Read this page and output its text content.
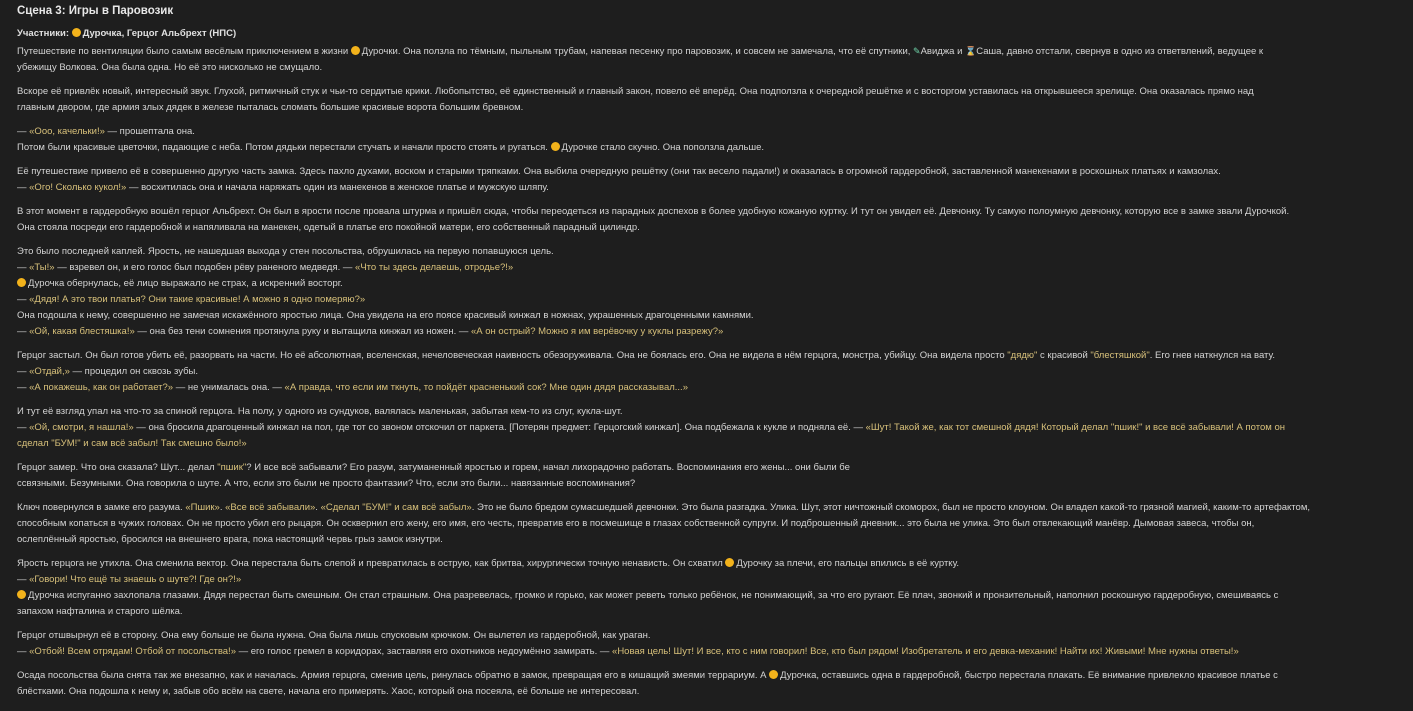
Сцена 3: Игры в Паровозик
Участники: Дурочка, Герцог Альбрехт (НПС)

Путешествие по вентиляции было самым весёлым приключением в жизни Дурочки. Она ползла по тёмным, пыльным трубам, напевая песенку про паровозик, и совсем не замечала, что её спутники, ✎Авиджа и ⌛Саша, давно отстали, свернув в одно из ответвлений, ведущее к
убежищу Волкова. Она была одна. Но её это нисколько не смущало.

Вскоре её привлёк новый, интересный звук. Глухой, ритмичный стук и чьи-то сердитые крики. Любопытство, её единственный и главный закон, повело её вперёд. Она подползла к очередной решётке и с восторгом уставилась на открывшееся зрелище. Она оказалась прямо над
главным двором, где армия злых дядек в железе пыталась сломать большие красивые ворота большим бревном.

— «Ооо, качельки!» — прошептала она.
Потом были красивые цветочки, падающие с неба. Потом дядьки перестали стучать и начали просто стоять и ругаться. Дурочке стало скучно. Она поползла дальше.

Её путешествие привело её в совершенно другую часть замка. Здесь пахло духами, воском и старыми тряпками. Она выбила очередную решётку (они так весело падали!) и оказалась в огромной гардеробной, заставленной манекенами в роскошных платьях и камзолах.
— «Ого! Сколько кукол!» — восхитилась она и начала наряжать один из манекенов в женское платье и мужскую шляпу.

В этот момент в гардеробную вошёл герцог Альбрехт. Он был в ярости после провала штурма и пришёл сюда, чтобы переодеться из парадных доспехов в более удобную кожаную куртку. И тут он увидел её. Девчонку. Ту самую полоумную девчонку, которую все в замке звали Дурочкой.
Она стояла посреди его гардеробной и напяливала на манекен, одетый в платье его покойной матери, его собственный парадный цилиндр.

Это было последней каплей. Ярость, не нашедшая выхода у стен посольства, обрушилась на первую попавшуюся цель.
— «Ты!» — взревел он, и его голос был подобен рёву раненого медведя. — «Что ты здесь делаешь, отродье?!»
Дурочка обернулась, её лицо выражало не страх, а искренний восторг.
— «Дядя! А это твои платья? Они такие красивые! А можно я одно померяю?»
Она подошла к нему, совершенно не замечая искажённого яростью лица. Она увидела на его поясе красивый кинжал в ножнах, украшенных драгоценными камнями.
— «Ой, какая блестяшка!» — она без тени сомнения протянула руку и вытащила кинжал из ножен. — «А он острый? Можно я им верёвочку у куклы разрежу?»

Герцог застыл. Он был готов убить её, разорвать на части. Но её абсолютная, вселенская, нечеловеческая наивность обезоруживала. Она не боялась его. Она не видела в нём герцога, монстра, убийцу. Она видела просто "дядю" с красивой "блестяшкой". Его гнев наткнулся на вату.
— «Отдай,» — процедил он сквозь зубы.
— «А покажешь, как он работает?» — не унималась она. — «А правда, что если им ткнуть, то пойдёт красненький сок? Мне один дядя рассказывал...»

И тут её взгляд упал на что-то за спиной герцога. На полу, у одного из сундуков, валялась маленькая, забытая кем-то из слуг, кукла-шут.
— «Ой, смотри, я нашла!» — она бросила драгоценный кинжал на пол, где тот со звоном отскочил от паркета. [Потерян предмет: Герцогский кинжал]. Она подбежала к кукле и подняла её. — «Шут! Такой же, как тот смешной дядя! Который делал "пшик!" и все всё забывали! А потом он
сделал "БУМ!" и сам всё забыл! Так смешно было!»

Герцог замер. Что она сказала? Шут... делал "пшик"? И все всё забывали? Его разум, затуманенный яростью и горем, начал лихорадочно работать. Воспоминания его жены... они были бе
ссвязными. Безумными. Она говорила о шуте. А что, если это были не просто фантазии? Что, если это были... навязанные воспоминания?

Ключ повернулся в замке его разума. «Пшик». «Все всё забывали». «Сделал "БУМ!" и сам всё забыл». Это не было бредом сумасшедшей девчонки. Это была разгадка. Улика. Шут, этот ничтожный скоморох, был не просто клоуном. Он владел какой-то грязной магией, каким-то артефактом,
способным копаться в чужих головах. Он не просто убил его рыцаря. Он осквернил его жену, его имя, его честь, превратив его в посмешище в глазах собственной супруги. И подброшенный дневник... это была не улика. Это был отвлекающий манёвр. Дымовая завеса, чтобы он,
ослеплённый яростью, бросился на внешнего врага, пока настоящий червь грыз замок изнутри.

Ярость герцога не утихла. Она сменила вектор. Она перестала быть слепой и превратилась в острую, как бритва, хирургически точную ненависть. Он схватил Дурочку за плечи, его пальцы впились в её куртку.
— «Говори! Что ещё ты знаешь о шуте?! Где он?!»
Дурочка испуганно захлопала глазами. Дядя перестал быть смешным. Он стал страшным. Она разревелась, громко и горько, как может реветь только ребёнок, не понимающий, за что его ругают. Её плач, звонкий и пронзительный, наполнил роскошную гардеробную, смешиваясь с
запахом нафталина и старого шёлка.

Герцог отшвырнул её в сторону. Она ему больше не была нужна. Она была лишь спусковым крючком. Он вылетел из гардеробной, как ураган.
— «Отбой! Всем отрядам! Отбой от посольства!» — его голос гремел в коридорах, заставляя его охотников недоумённо замирать. — «Новая цель! Шут! И все, кто с ним говорил! Все, кто был рядом! Изобретатель и его девка-механик! Найти их! Живыми! Мне нужны ответы!»

Осада посольства была снята так же внезапно, как и началась. Армия герцога, сменив цель, ринулась обратно в замок, превращая его в кишащий змеями террариум. А Дурочка, оставшись одна в гардеробной, быстро перестала плакать. Её внимание привлекло красивое платье с
блёстками. Она подошла к нему и, забыв обо всём на свете, начала его примерять. Хаос, который она посеяла, её больше не интересовал.
